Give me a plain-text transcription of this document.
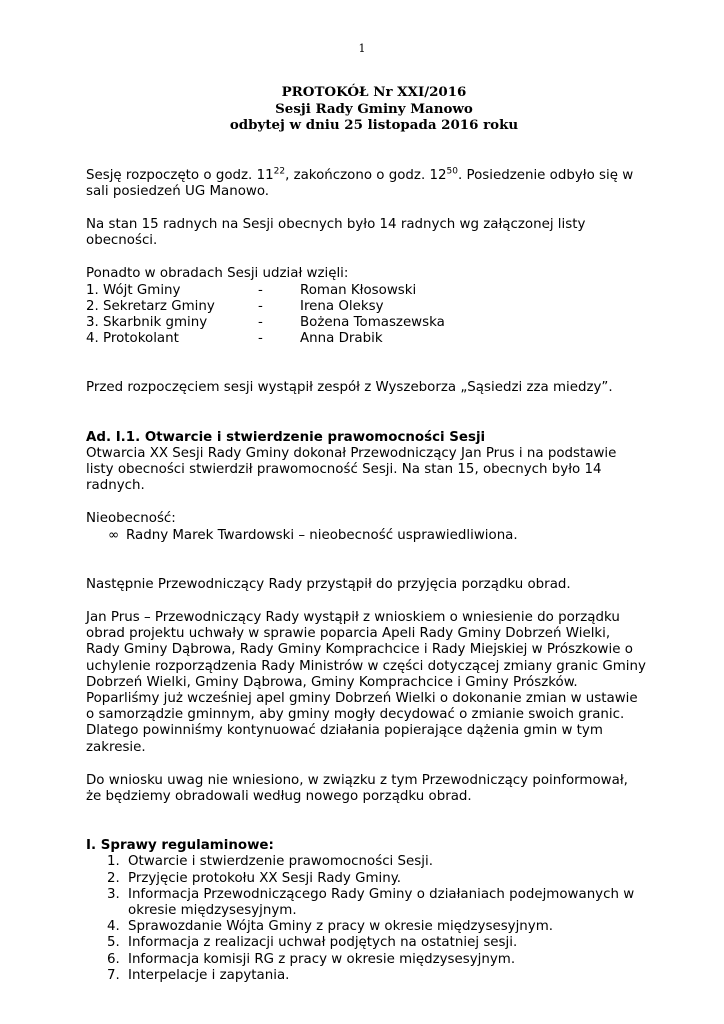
1
PROTOKÓŁ Nr XXI/2016
Sesji Rady Gminy Manowo
odbytej w dniu 25 listopada 2016 roku

Sesję rozpoczęto o godz. $11^{22}$, zakończono o godz. $12^{50}$. Posiedzenie odbyło się w sali posiedzeń UG Manowo.

Na stan 15 radnych na Sesji obecnych było 14 radnych wg załączonej listy obecności.

Ponadto w obradach Sesji udział wzięli:

1. Wójt Gminy	-	Roman Kłosowski
2. Sekretarz Gminy	-	Irena Oleksy
3. Skarbnik gminy	-	Bożena Tomaszewska
4. Protokolant	-	Anna Drabik

Przed rozpoczęciem sesji wystąpił zespół z Wyszeborza „Sąsiedzi zza miedzy”.

Ad. I.1. Otwarcie i stwierdzenie prawomocności Sesji

Otwarcia XX Sesji Rady Gminy dokonał Przewodniczący Jan Prus i na podstawie listy obecności stwierdził prawomocność Sesji. Na stan 15, obecnych było 14 radnych.

Nieobecność:

∞ Radny Marek Twardowski – nieobecność usprawiedliwiona.

Następnie Przewodniczący Rady przystąpił do przyjęcia porządku obrad.

Jan Prus – Przewodniczący Rady wystąpił z wnioskiem o wniesienie do porządku obrad projektu uchwały w sprawie poparcia Apeli Rady Gminy Dobrzeń Wielki, Rady Gminy Dąbrowa, Rady Gminy Komprachcice i Rady Miejskiej w Prószkowie o uchylenie rozporządzenia Rady Ministrów w części dotyczącej zmiany granic Gminy Dobrzeń Wielki, Gminy Dąbrowa, Gminy Komprachcice i Gminy Prószków. Poparliśmy już wcześniej apel gminy Dobrzeń Wielki o dokonanie zmian w ustawie o samorządzie gminnym, aby gminy mogły decydować o zmianie swoich granic. Dlatego powinniśmy kontynuować działania popierające dążenia gmin w tym zakresie.

Do wniosku uwag nie wniesiono, w związku z tym Przewodniczący poinformował, że będziemy obradowali według nowego porządku obrad.

I. Sprawy regulaminowe:

1. Otwarcie i stwierdzenie prawomocności Sesji.
2. Przyjęcie protokołu XX Sesji Rady Gminy.
3. Informacja Przewodniczącego Rady Gminy o działaniach podejmowanych w okresie międzysesyjnym.
4. Sprawozdanie Wójta Gminy z pracy w okresie międzysesyjnym.
5. Informacja z realizacji uchwał podjętych na ostatniej sesji.
6. Informacja komisji RG z pracy w okresie międzysesyjnym.
7. Interpelacje i zapytania.
